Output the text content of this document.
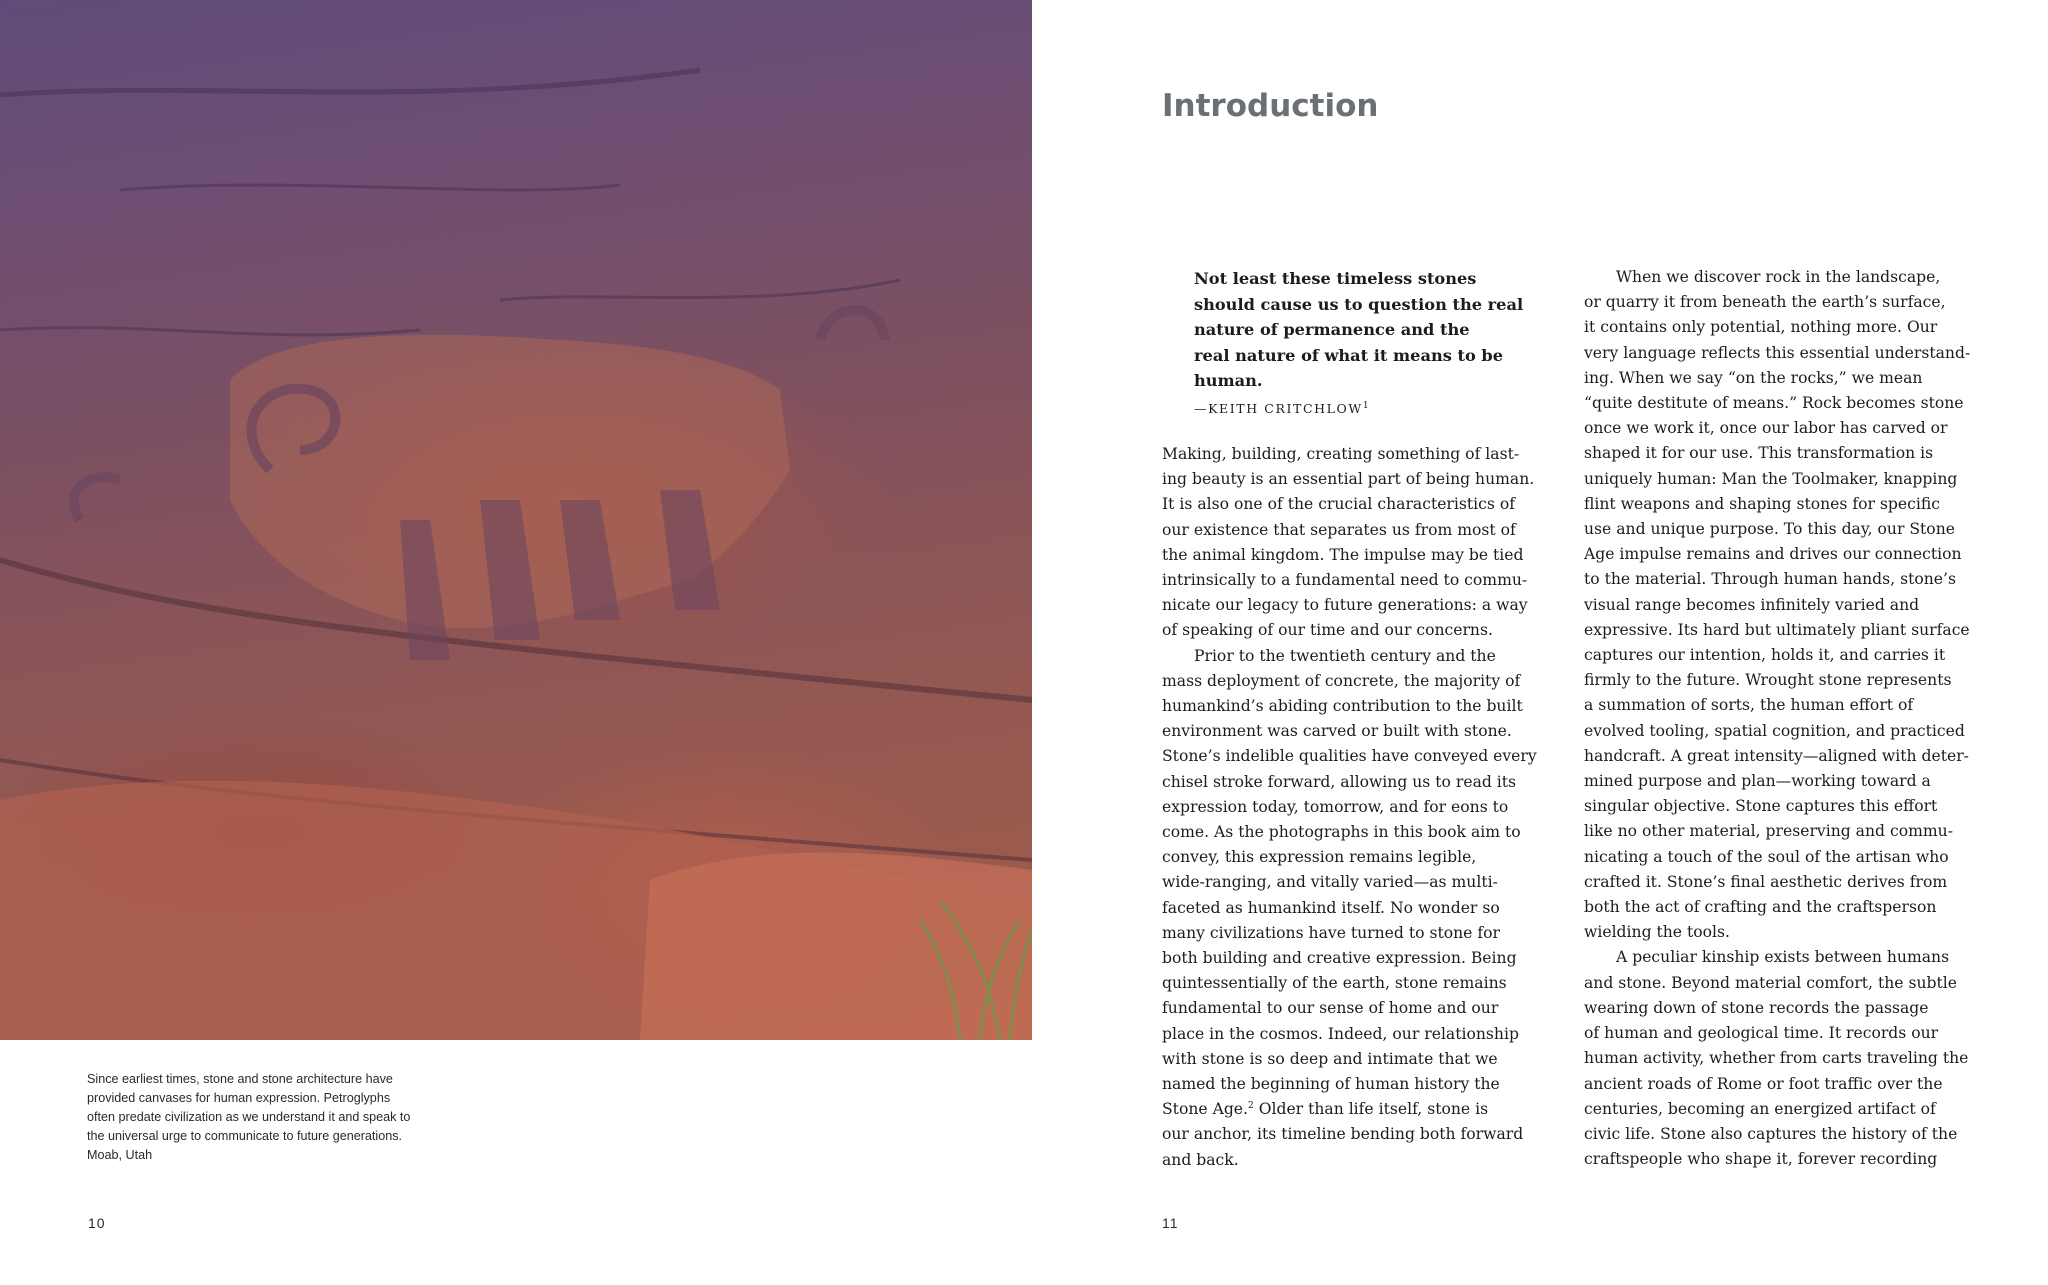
Since earliest times, stone and stone architecture have
provided canvases for human expression. Petroglyphs
often predate civilization as we understand it and speak to
the universal urge to communicate to future generations.
Moab, Utah
10	11
Introduction
Not least these timeless stones
should cause us to question the real
nature of permanence and the
real nature of what it means to be
human.
—KEITH CRITCHLOW$^1$
Making, building, creating something of last-
ing beauty is an essential part of being human.
It is also one of the crucial characteristics of
our existence that separates us from most of
the animal kingdom. The impulse may be tied
intrinsically to a fundamental need to commu-
nicate our legacy to future generations: a way
of speaking of our time and our concerns.
Prior to the twentieth century and the
mass deployment of concrete, the majority of
humankind’s abiding contribution to the built
environment was carved or built with stone.
Stone’s indelible qualities have conveyed every
chisel stroke forward, allowing us to read its
expression today, tomorrow, and for eons to
come. As the photographs in this book aim to
convey, this expression remains legible,
wide-ranging, and vitally varied—as multi-
faceted as humankind itself. No wonder so
many civilizations have turned to stone for
both building and creative expression. Being
quintessentially of the earth, stone remains
fundamental to our sense of home and our
place in the cosmos. Indeed, our relationship
with stone is so deep and intimate that we
named the beginning of human history the
Stone Age.$^2$ Older than life itself, stone is
our anchor, its timeline bending both forward
and back.
When we discover rock in the landscape,
or quarry it from beneath the earth’s surface,
it contains only potential, nothing more. Our
very language reflects this essential understand-
ing. When we say “on the rocks,” we mean
“quite destitute of means.” Rock becomes stone
once we work it, once our labor has carved or
shaped it for our use. This transformation is
uniquely human: Man the Toolmaker, knapping
flint weapons and shaping stones for specific
use and unique purpose. To this day, our Stone
Age impulse remains and drives our connection
to the material. Through human hands, stone’s
visual range becomes infinitely varied and
expressive. Its hard but ultimately pliant surface
captures our intention, holds it, and carries it
firmly to the future. Wrought stone represents
a summation of sorts, the human effort of
evolved tooling, spatial cognition, and practiced
handcraft. A great intensity—aligned with deter-
mined purpose and plan—working toward a
singular objective. Stone captures this effort
like no other material, preserving and commu-
nicating a touch of the soul of the artisan who
crafted it. Stone’s final aesthetic derives from
both the act of crafting and the craftsperson
wielding the tools.
A peculiar kinship exists between humans
and stone. Beyond material comfort, the subtle
wearing down of stone records the passage
of human and geological time. It records our
human activity, whether from carts traveling the
ancient roads of Rome or foot traffic over the
centuries, becoming an energized artifact of
civic life. Stone also captures the history of the
craftspeople who shape it, forever recording
